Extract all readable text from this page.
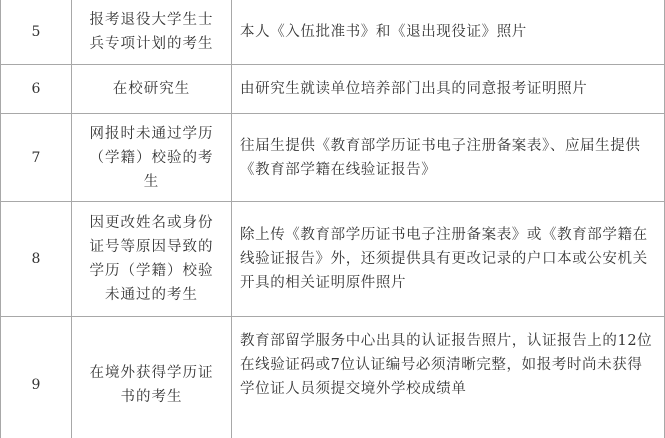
5	报考退役大学生士兵专项计划的考生	本人《入伍批准书》和《退出现役证》照片
6	在校研究生	由研究生就读单位培养部门出具的同意报考证明照片
7	网报时未通过学历（学籍）校验的考生	往届生提供《教育部学历证书电子注册备案表》、应届生提供《教育部学籍在线验证报告》
8	因更改姓名或身份证号等原因导致的学历（学籍）校验未通过的考生	除上传《教育部学历证书电子注册备案表》或《教育部学籍在线验证报告》外，还须提供具有更改记录的户口本或公安机关开具的相关证明原件照片
9	在境外获得学历证书的考生	教育部留学服务中心出具的认证报告照片，认证报告上的12位在线验证码或7位认证编号必须清晰完整，如报考时尚未获得学位证人员须提交境外学校成绩单
